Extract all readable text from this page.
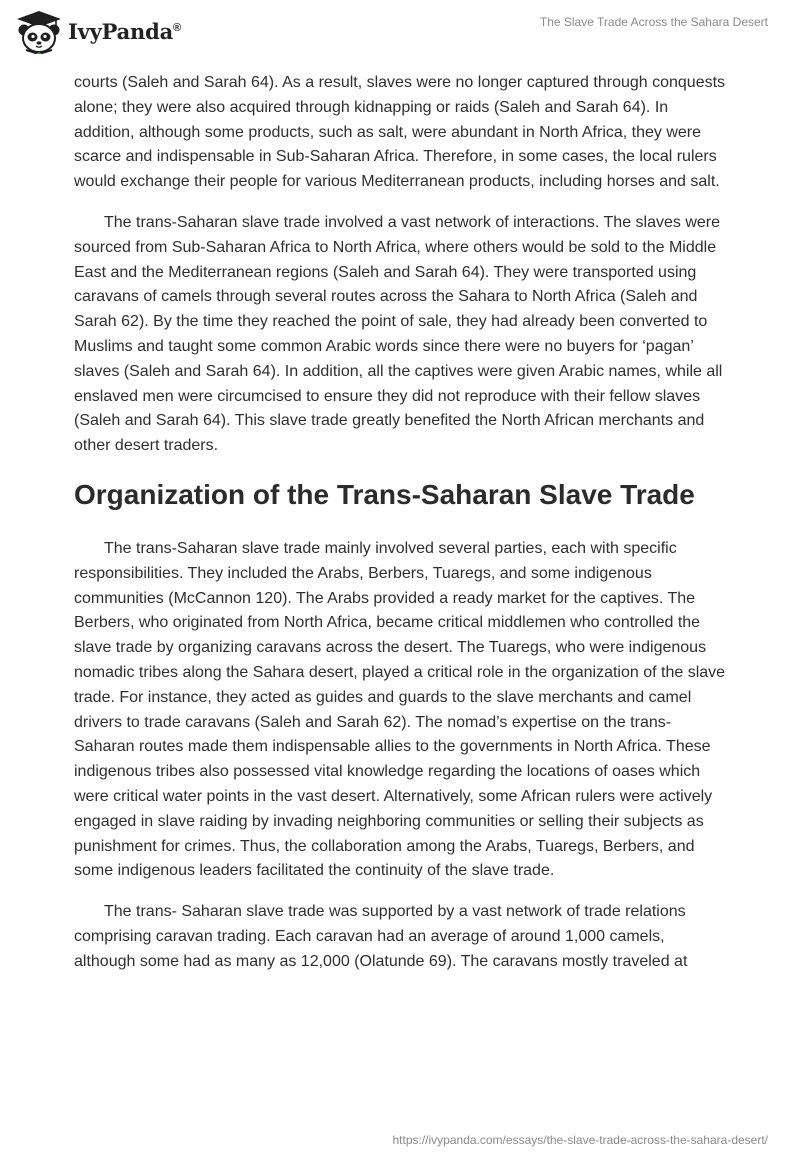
IvyPanda®	The Slave Trade Across the Sahara Desert

courts (Saleh and Sarah 64). As a result, slaves were no longer captured through conquests alone; they were also acquired through kidnapping or raids (Saleh and Sarah 64). In addition, although some products, such as salt, were abundant in North Africa, they were scarce and indispensable in Sub-Saharan Africa. Therefore, in some cases, the local rulers would exchange their people for various Mediterranean products, including horses and salt.

The trans-Saharan slave trade involved a vast network of interactions. The slaves were sourced from Sub-Saharan Africa to North Africa, where others would be sold to the Middle East and the Mediterranean regions (Saleh and Sarah 64). They were transported using caravans of camels through several routes across the Sahara to North Africa (Saleh and Sarah 62). By the time they reached the point of sale, they had already been converted to Muslims and taught some common Arabic words since there were no buyers for ‘pagan’ slaves (Saleh and Sarah 64). In addition, all the captives were given Arabic names, while all enslaved men were circumcised to ensure they did not reproduce with their fellow slaves (Saleh and Sarah 64). This slave trade greatly benefited the North African merchants and other desert traders.

Organization of the Trans-Saharan Slave Trade

The trans-Saharan slave trade mainly involved several parties, each with specific responsibilities. They included the Arabs, Berbers, Tuaregs, and some indigenous communities (McCannon 120). The Arabs provided a ready market for the captives. The Berbers, who originated from North Africa, became critical middlemen who controlled the slave trade by organizing caravans across the desert. The Tuaregs, who were indigenous nomadic tribes along the Sahara desert, played a critical role in the organization of the slave trade. For instance, they acted as guides and guards to the slave merchants and camel drivers to trade caravans (Saleh and Sarah 62). The nomad’s expertise on the trans-Saharan routes made them indispensable allies to the governments in North Africa. These indigenous tribes also possessed vital knowledge regarding the locations of oases which were critical water points in the vast desert. Alternatively, some African rulers were actively engaged in slave raiding by invading neighboring communities or selling their subjects as punishment for crimes. Thus, the collaboration among the Arabs, Tuaregs, Berbers, and some indigenous leaders facilitated the continuity of the slave trade.

The trans- Saharan slave trade was supported by a vast network of trade relations comprising caravan trading. Each caravan had an average of around 1,000 camels, although some had as many as 12,000 (Olatunde 69). The caravans mostly traveled at

https://ivypanda.com/essays/the-slave-trade-across-the-sahara-desert/
